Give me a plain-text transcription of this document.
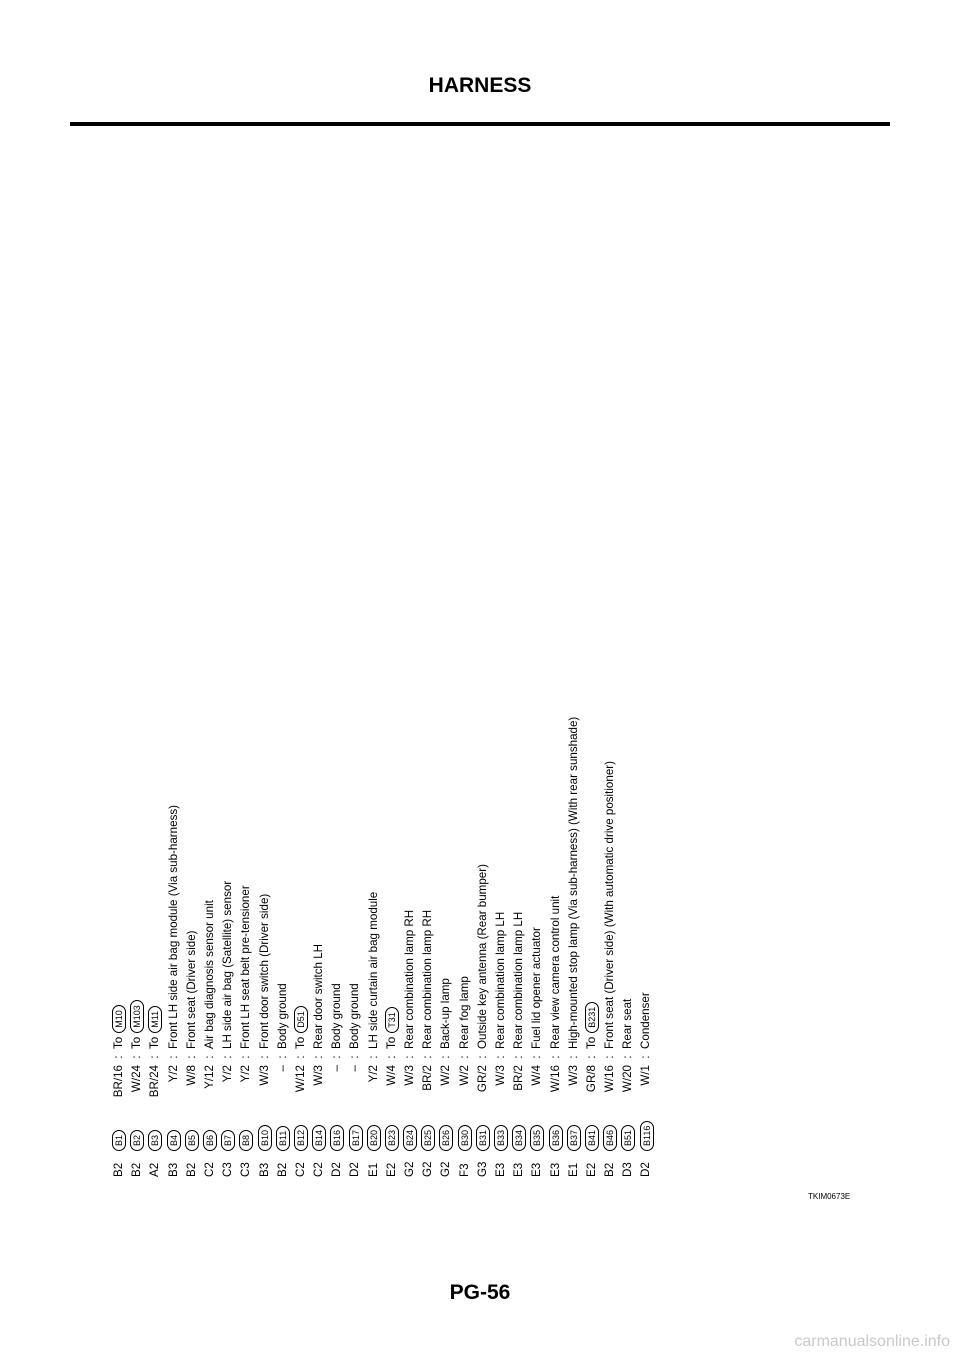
HARNESS
B2
B1
BR/16
:
To
M10
B2
B2
W/24
:
To
M103
A2
B3
BR/24
:
To
M11
B3
B4
Y/2
:
Front LH side air bag module (Via sub-harness)
B2
B5
W/8
:
Front seat (Driver side)
C2
B6
Y/12
:
Air bag diagnosis sensor unit
C3
B7
Y/2
:
LH side air bag (Satellite) sensor
C3
B8
Y/2
:
Front LH seat belt pre-tensioner
B3
B10
W/3
:
Front door switch (Driver side)
B2
B11
–
:
Body ground
C2
B12
W/12
:
To
D51
C2
B14
W/3
:
Rear door switch LH
D2
B16
–
:
Body ground
D2
B17
–
:
Body ground
E1
B20
Y/2
:
LH side curtain air bag module
E2
B23
W/4
:
To
T31
G2
B24
W/3
:
Rear combination lamp RH
G2
B25
BR/2
:
Rear combination lamp RH
G2
B26
W/2
:
Back-up lamp
F3
B30
W/2
:
Rear fog lamp
G3
B31
GR/2
:
Outside key antenna (Rear bumper)
E3
B33
W/3
:
Rear combination lamp LH
E3
B34
BR/2
:
Rear combination lamp LH
E3
B35
W/4
:
Fuel lid opener actuator
E3
B36
W/16
:
Rear view camera control unit
E1
B37
W/3
:
High-mounted stop lamp (Via sub-harness) (With rear sunshade)
E2
B41
GR/8
:
To
B231
B2
B46
W/16
:
Front seat (Driver side) (With automatic drive positioner)
D3
B51
W/20
:
Rear seat
D2
B116
W/1
:
Condenser
TKIM0673E
PG-56
carmanualsonline.info
